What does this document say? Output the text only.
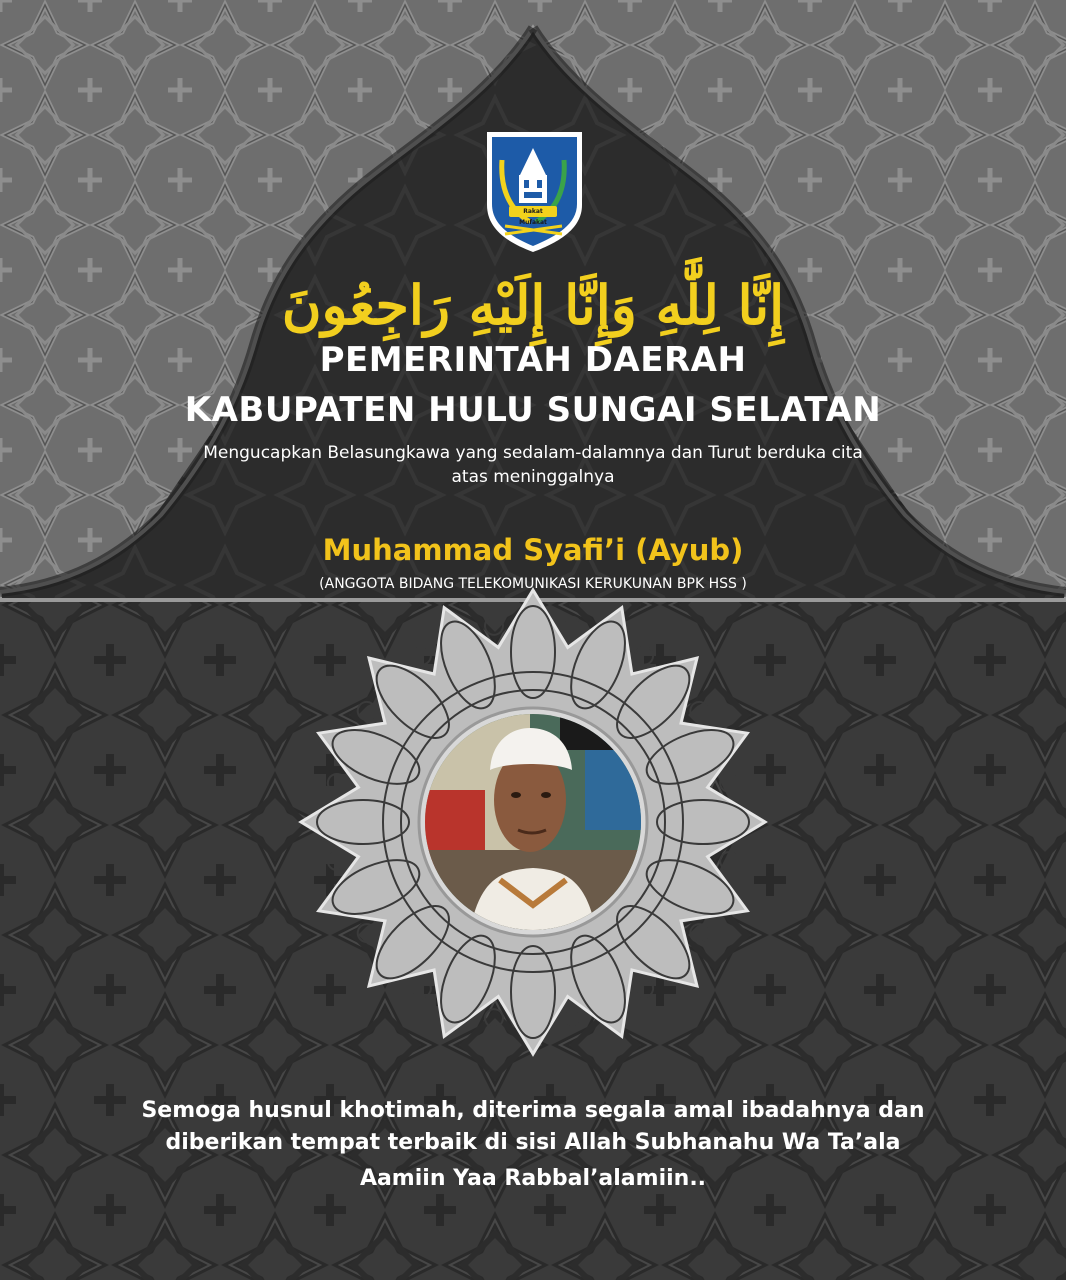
Rakat Mufakat
إِنَّا لِلَّٰهِ وَإِنَّا إِلَيْهِ رَاجِعُونَ
PEMERINTAH DAERAH
KABUPATEN HULU SUNGAI SELATAN
Mengucapkan Belasungkawa yang sedalam-dalamnya dan Turut berduka cita
atas meninggalnya
Muhammad Syafi’i (Ayub)
(ANGGOTA BIDANG TELEKOMUNIKASI KERUKUNAN BPK HSS )
Semoga husnul khotimah, diterima segala amal ibadahnya dan
diberikan tempat terbaik di sisi Allah Subhanahu Wa Ta’ala
Aamiin Yaa Rabbal’alamiin..
